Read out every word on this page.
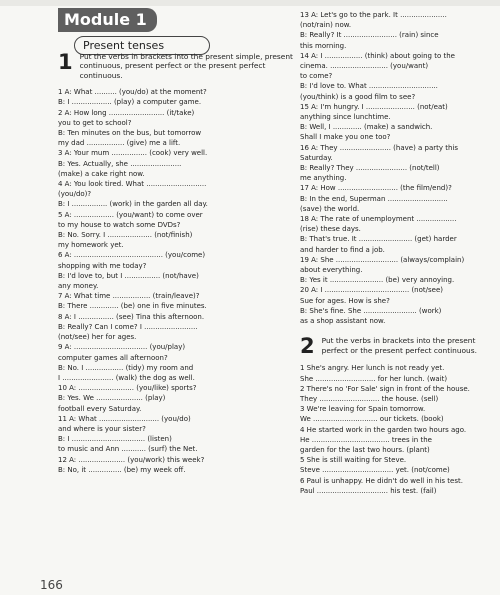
Module 1
Present tenses
1 Put the verbs in brackets into the present simple, present continuous, present perfect or the present perfect continuous.
1 A: What .......... (you/do) at the moment?
B: I .................. (play) a computer game.
2 A: How long ......................... (it/take)
you to get to school?
B: Ten minutes on the bus, but tomorrow
my dad ................. (give) me a lift.
3 A: Your mum ................ (cook) very well.
B: Yes. Actually, she .......................
(make) a cake right now.
4 A: You look tired. What ...........................
(you/do)?
B: I ................ (work) in the garden all day.
5 A: .................. (you/want) to come over
to my house to watch some DVDs?
B: No. Sorry. I .................... (not/finish)
my homework yet.
6 A: ........................................ (you/come)
shopping with me today?
B: I'd love to, but I ................ (not/have)
any money.
7 A: What time ................. (train/leave)?
B: There ............. (be) one in five minutes.
8 A: I ................ (see) Tina this afternoon.
B: Really? Can I come? I ........................
(not/see) her for ages.
9 A: ................................. (you/play)
computer games all afternoon?
B: No. I ................. (tidy) my room and
I ....................... (walk) the dog as well.
10 A: ......................... (you/like) sports?
B: Yes. We ..................... (play)
football every Saturday.
11 A: What ........................... (you/do)
and where is your sister?
B: I ................................. (listen)
to music and Ann ........... (surf) the Net.
12 A: ..................... (you/work) this week?
B: No, it ............... (be) my week off.
13 A: Let's go to the park. It .....................
(not/rain) now.
B: Really? It ........................ (rain) since
this morning.
14 A: I ................. (think) about going to the
cinema. .......................... (you/want)
to come?
B: I'd love to. What ...............................
(you/think) is a good film to see?
15 A: I'm hungry. I ...................... (not/eat)
anything since lunchtime.
B: Well, I ............. (make) a sandwich.
Shall I make you one too?
16 A: They ....................... (have) a party this
Saturday.
B: Really? They ....................... (not/tell)
me anything.
17 A: How ........................... (the film/end)?
B: In the end, Superman ...........................
(save) the world.
18 A: The rate of unemployment ..................
(rise) these days.
B: That's true. It ........................ (get) harder
and harder to find a job.
19 A: She ............................ (always/complain)
about everything.
B: Yes it ........................ (be) very annoying.
20 A: I ...................................... (not/see)
Sue for ages. How is she?
B: She's fine. She ........................ (work)
as a shop assistant now.
2 Put the verbs in brackets into the present perfect or the present perfect continuous.
1 She's angry. Her lunch is not ready yet.
She ........................... for her lunch. (wait)
2 There's no 'For Sale' sign in front of the house.
They ........................... the house. (sell)
3 We're leaving for Spain tomorrow.
We ............................. our tickets. (book)
4 He started work in the garden two hours ago.
He ................................... trees in the
garden for the last two hours. (plant)
5 She is still waiting for Steve.
Steve ................................ yet. (not/come)
6 Paul is unhappy. He didn't do well in his test.
Paul ................................ his test. (fail)
166
